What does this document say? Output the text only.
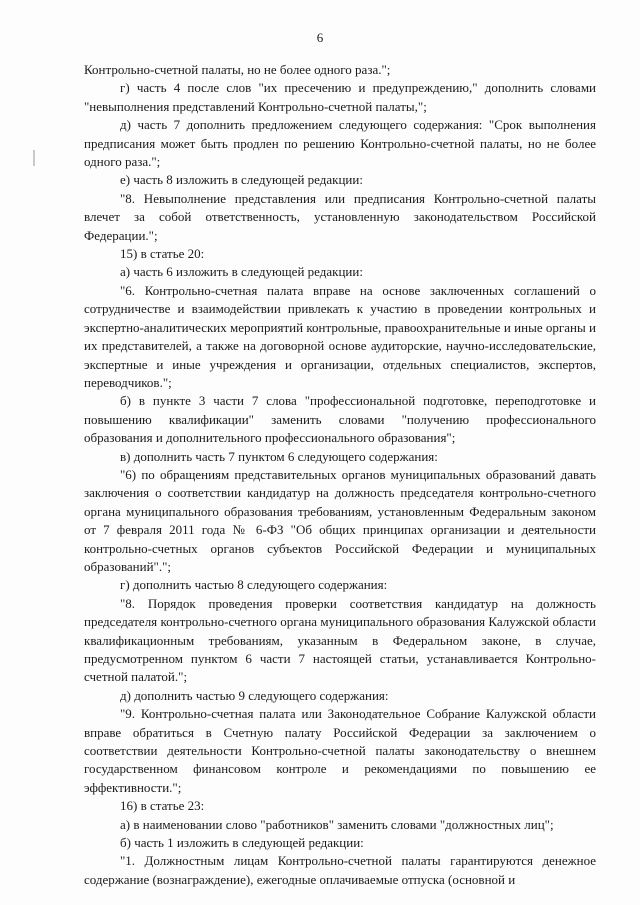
6

Контрольно-счетной палаты, но не более одного раза.";

г) часть 4 после слов "их пресечению и предупреждению," дополнить словами "невыполнения представлений Контрольно-счетной палаты,";

д) часть 7 дополнить предложением следующего содержания: "Срок выполнения предписания может быть продлен по решению Контрольно-счетной палаты, но не более одного раза.";

е) часть 8 изложить в следующей редакции:

"8. Невыполнение представления или предписания Контрольно-счетной палаты влечет за собой ответственность, установленную законодательством Российской Федерации.";

15) в статье 20:

а) часть 6 изложить в следующей редакции:

"6. Контрольно-счетная палата вправе на основе заключенных соглашений о сотрудничестве и взаимодействии привлекать к участию в проведении контрольных и экспертно-аналитических мероприятий контрольные, правоохранительные и иные органы и их представителей, а также на договорной основе аудиторские, научно-исследовательские, экспертные и иные учреждения и организации, отдельных специалистов, экспертов, переводчиков.";

б) в пункте 3 части 7 слова "профессиональной подготовке, переподготовке и повышению квалификации" заменить словами "получению профессионального образования и дополнительного профессионального образования";

в) дополнить часть 7 пунктом 6 следующего содержания:

"6) по обращениям представительных органов муниципальных образований давать заключения о соответствии кандидатур на должность председателя контрольно-счетного органа муниципального образования требованиям, установленным Федеральным законом от 7 февраля 2011 года № 6-ФЗ "Об общих принципах организации и деятельности контрольно-счетных органов субъектов Российской Федерации и муниципальных образований".";

г) дополнить частью 8 следующего содержания:

"8. Порядок проведения проверки соответствия кандидатур на должность председателя контрольно-счетного органа муниципального образования Калужской области квалификационным требованиям, указанным в Федеральном законе, в случае, предусмотренном пунктом 6 части 7 настоящей статьи, устанавливается Контрольно-счетной палатой.";

д) дополнить частью 9 следующего содержания:

"9. Контрольно-счетная палата или Законодательное Собрание Калужской области вправе обратиться в Счетную палату Российской Федерации за заключением о соответствии деятельности Контрольно-счетной палаты законодательству о внешнем государственном финансовом контроле и рекомендациями по повышению ее эффективности.";

16) в статье 23:

а) в наименовании слово "работников" заменить словами "должностных лиц";

б) часть 1 изложить в следующей редакции:

"1. Должностным лицам Контрольно-счетной палаты гарантируются денежное содержание (вознаграждение), ежегодные оплачиваемые отпуска (основной и
